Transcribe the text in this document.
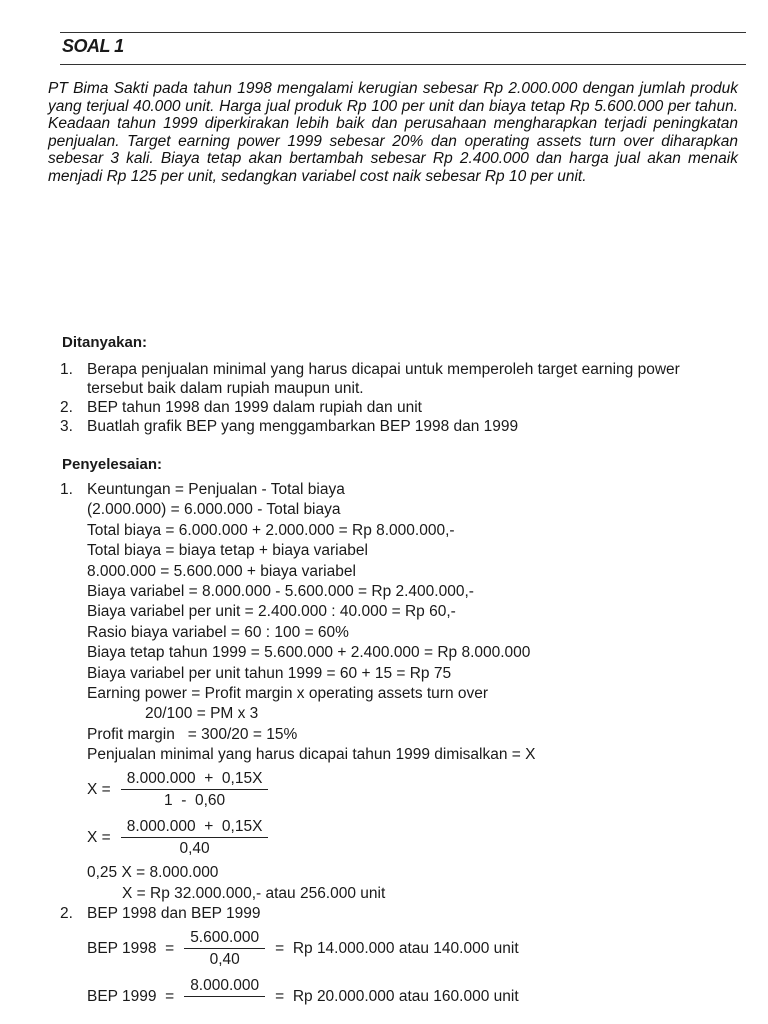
SOAL 1
PT Bima Sakti pada tahun 1998 mengalami kerugian sebesar Rp 2.000.000 dengan jumlah produk yang terjual 40.000 unit. Harga jual produk Rp 100 per unit dan biaya tetap Rp 5.600.000 per tahun. Keadaan tahun 1999 diperkirakan lebih baik dan perusahaan mengharapkan terjadi peningkatan penjualan. Target earning power 1999 sebesar 20% dan operating assets turn over diharapkan sebesar 3 kali. Biaya tetap akan bertambah sebesar Rp 2.400.000 dan harga jual akan menaik menjadi Rp 125 per unit, sedangkan variabel cost naik sebesar Rp 10 per unit.
Ditanyakan:
1. Berapa penjualan minimal yang harus dicapai untuk memperoleh target earning power tersebut baik dalam rupiah maupun unit.
2. BEP tahun 1998 dan 1999 dalam rupiah dan unit
3. Buatlah grafik BEP yang menggambarkan BEP 1998 dan 1999
Penyelesaian:
1. Keuntungan = Penjualan - Total biaya
(2.000.000) = 6.000.000 - Total biaya
Total biaya = 6.000.000 + 2.000.000 = Rp 8.000.000,-
Total biaya = biaya tetap + biaya variabel
8.000.000 = 5.600.000 + biaya variabel
Biaya variabel = 8.000.000 - 5.600.000 = Rp 2.400.000,-
Biaya variabel per unit = 2.400.000 : 40.000 = Rp 60,-
Rasio biaya variabel = 60 : 100 = 60%
Biaya tetap tahun 1999 = 5.600.000 + 2.400.000 = Rp 8.000.000
Biaya variabel per unit tahun 1999 = 60 + 15 = Rp 75
Earning power = Profit margin x operating assets turn over
20/100 = PM x 3
Profit margin   = 300/20 = 15%
Penjualan minimal yang harus dicapai tahun 1999 dimisalkan = X
$X = \frac{8.000.000 + 0,15X}{1 - 0,60}$
$X = \frac{8.000.000 + 0,15X}{0,40}$
0,25 X = 8.000.000
X = Rp 32.000.000,- atau 256.000 unit
2. BEP 1998 dan BEP 1999
BEP $1998 = \frac{5.600.000}{0,40} = Rp$ 14.000.000 atau 140.000 unit
BEP 1999  =
8.000.000

=  Rp 20.000.000 atau 160.000 unit
